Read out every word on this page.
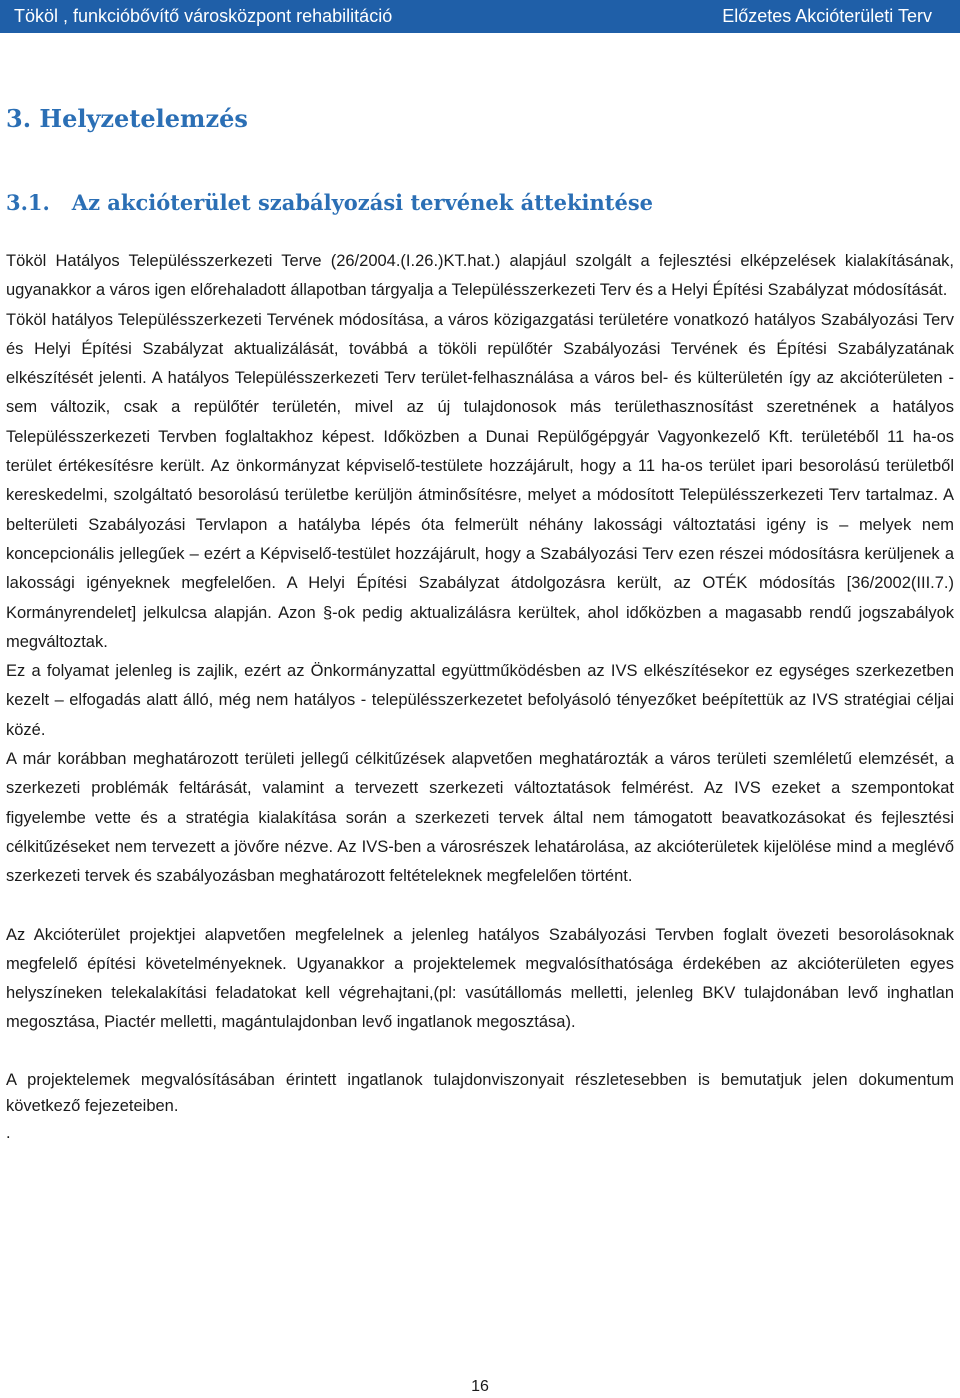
Tököl , funkcióbővítő városközpont rehabilitáció	Előzetes Akcióterületi Terv
3. Helyzetelemzés
3.1.   Az akcióterület szabályozási tervének áttekintése

Tököl Hatályos Településszerkezeti Terve (26/2004.(I.26.)KT.hat.) alapjául szolgált a fejlesztési elképzelések kialakításának, ugyanakkor a város igen előrehaladott állapotban tárgyalja a Településszerkezeti Terv és a Helyi Építési Szabályzat módosítását.

Tököl hatályos Településszerkezeti Tervének módosítása, a város közigazgatási területére vonatkozó hatályos Szabályozási Terv és Helyi Építési Szabályzat aktualizálását, továbbá a tököli repülőtér Szabályozási Tervének és Építési Szabályzatának elkészítését jelenti. A hatályos Településszerkezeti Terv terület-felhasználása a város bel- és külterületén így az akcióterületen - sem változik, csak a repülőtér területén, mivel az új tulajdonosok más területhasznosítást szeretnének a hatályos Településszerkezeti Tervben foglaltakhoz képest. Időközben a Dunai Repülőgépgyár Vagyonkezelő Kft. területéből 11 ha-os terület értékesítésre került. Az önkormányzat képviselő-testülete hozzájárult, hogy a 11 ha-os terület ipari besorolású területből kereskedelmi, szolgáltató besorolású területbe kerüljön átminősítésre, melyet a módosított Településszerkezeti Terv tartalmaz. A belterületi Szabályozási Tervlapon a hatályba lépés óta felmerült néhány lakossági változtatási igény is – melyek nem koncepcionális jellegűek – ezért a Képviselő-testület hozzájárult, hogy a Szabályozási Terv ezen részei módosításra kerüljenek a lakossági igényeknek megfelelően. A Helyi Építési Szabályzat átdolgozásra került, az OTÉK módosítás [36/2002(III.7.) Kormányrendelet] jelkulcsa alapján. Azon §-ok pedig aktualizálásra kerültek, ahol időközben a magasabb rendű jogszabályok megváltoztak.

Ez a folyamat jelenleg is zajlik, ezért az Önkormányzattal együttműködésben az IVS elkészítésekor ez egységes szerkezetben kezelt – elfogadás alatt álló, még nem hatályos - településszerkezetet befolyásoló tényezőket beépítettük az IVS stratégiai céljai közé.

A már korábban meghatározott területi jellegű célkitűzések alapvetően meghatározták a város területi szemléletű elemzését, a szerkezeti problémák feltárását, valamint a tervezett szerkezeti változtatások felmérést. Az IVS ezeket a szempontokat figyelembe vette és a stratégia kialakítása során a szerkezeti tervek által nem támogatott beavatkozásokat és fejlesztési célkitűzéseket nem tervezett a jövőre nézve. Az IVS-ben a városrészek lehatárolása, az akcióterületek kijelölése mind a meglévő szerkezeti tervek és szabályozásban meghatározott feltételeknek megfelelően történt.

Az Akcióterület projektjei alapvetően megfelelnek a jelenleg hatályos Szabályozási Tervben foglalt övezeti besorolásoknak megfelelő építési követelményeknek. Ugyanakkor a projektelemek megvalósíthatósága érdekében az akcióterületen egyes helyszíneken telekalakítási feladatokat kell végrehajtani,(pl: vasútállomás melletti, jelenleg BKV tulajdonában levő inghatlan megosztása, Piactér melletti, magántulajdonban levő ingatlanok megosztása).

A projektelemek megvalósításában érintett ingatlanok tulajdonviszonyait részletesebben is bemutatjuk jelen dokumentum következő fejezeteiben.

.

16
